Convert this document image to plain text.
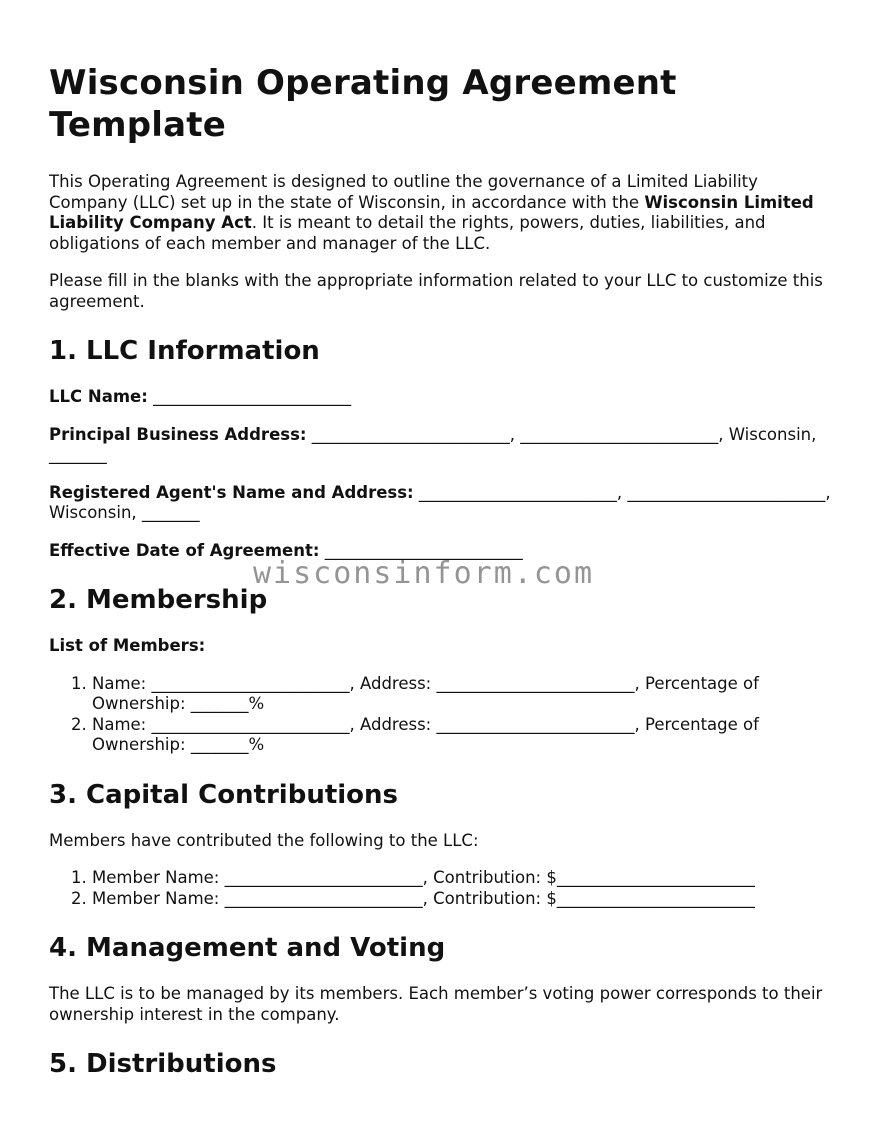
Wisconsin Operating Agreement Template

This Operating Agreement is designed to outline the governance of a Limited Liability Company (LLC) set up in the state of Wisconsin, in accordance with the Wisconsin Limited Liability Company Act. It is meant to detail the rights, powers, duties, liabilities, and obligations of each member and manager of the LLC.

Please fill in the blanks with the appropriate information related to your LLC to customize this agreement.

1. LLC Information
LLC Name: ________________________
Principal Business Address: ________________________, ________________________, Wisconsin, _______
Registered Agent's Name and Address: ________________________, ________________________, Wisconsin, _______
Effective Date of Agreement: ________________________
2. Membership
List of Members:
1. Name: ________________________, Address: ________________________, Percentage of Ownership: _______%
2. Name: ________________________, Address: ________________________, Percentage of Ownership: _______%
3. Capital Contributions

Members have contributed the following to the LLC:

1. Member Name: ________________________, Contribution: $________________________
2. Member Name: ________________________, Contribution: $________________________
4. Management and Voting

The LLC is to be managed by its members. Each member’s voting power corresponds to their ownership interest in the company.

5. Distributions
wisconsinform.com
